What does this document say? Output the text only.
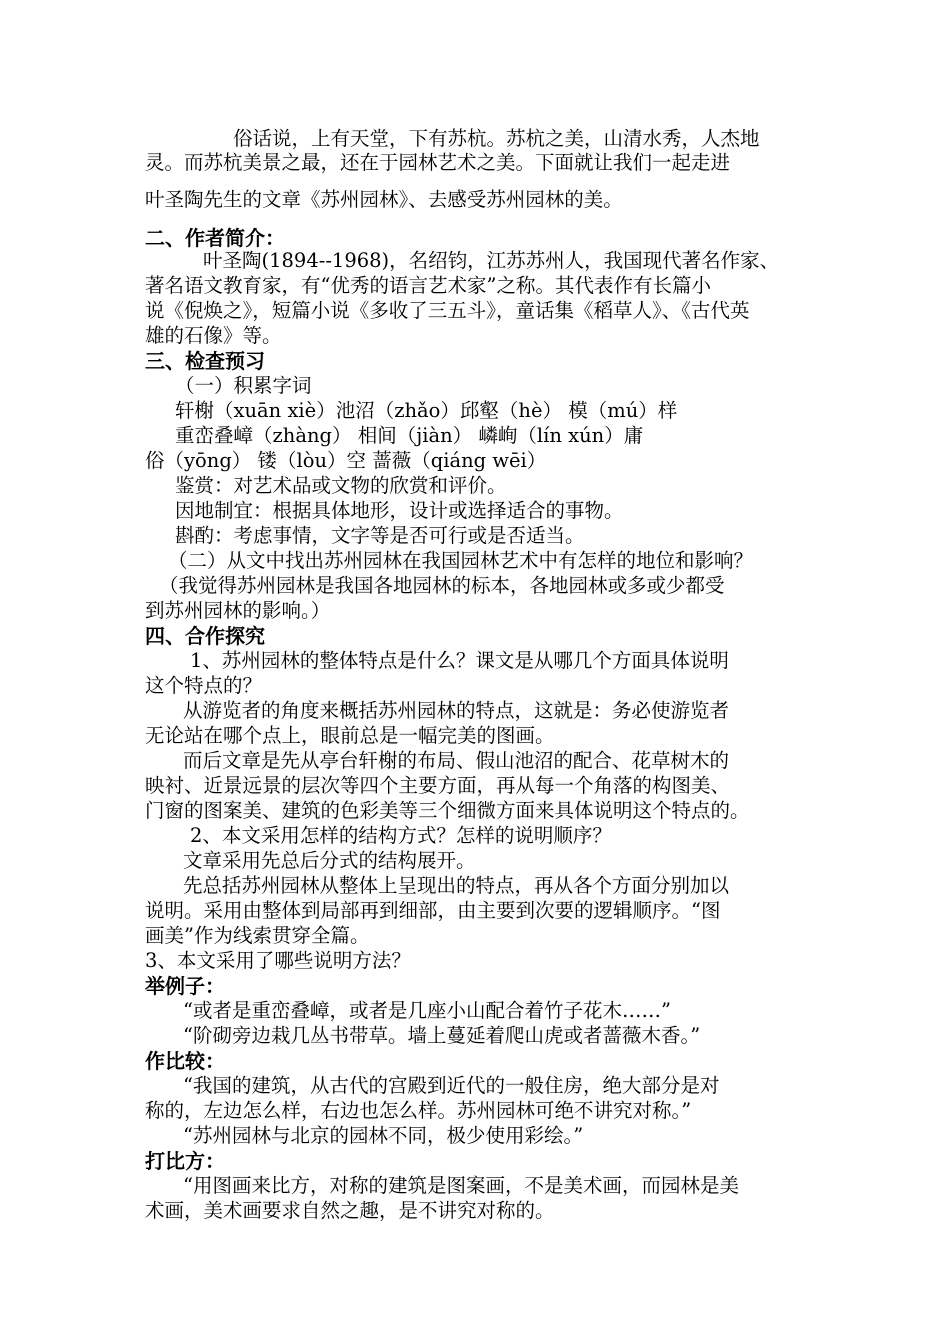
俗话说，上有天堂，下有苏杭。苏杭之美，山清水秀，人杰地
灵。而苏杭美景之最，还在于园林艺术之美。下面就让我们一起走进
叶圣陶先生的文章《苏州园林》、去感受苏州园林的美。
二、作者简介：
叶圣陶(1894--1968)，名绍钧，江苏苏州人，我国现代著名作家、
著名语文教育家，有“优秀的语言艺术家”之称。其代表作有长篇小
说《倪焕之》，短篇小说《多收了三五斗》，童话集《稻草人》、《古代英
雄的石像》等。
三、检查预习
（一）积累字词
轩榭（xuān xiè）池沼（zhǎo）邱壑（hè） 模（mú）样
重峦叠嶂（zhàng） 相间（jiàn） 嶙峋（lín xún）庸
俗（yōng） 镂（lòu）空 蔷薇（qiáng wēi）
鉴赏：对艺术品或文物的欣赏和评价。
因地制宜：根据具体地形，设计或选择适合的事物。
斟酌：考虑事情，文字等是否可行或是否适当。
（二）从文中找出苏州园林在我国园林艺术中有怎样的地位和影响？
（我觉得苏州园林是我国各地园林的标本，各地园林或多或少都受
到苏州园林的影响。）
四、合作探究
1、苏州园林的整体特点是什么？课文是从哪几个方面具体说明
这个特点的？
从游览者的角度来概括苏州园林的特点，这就是：务必使游览者
无论站在哪个点上，眼前总是一幅完美的图画。
而后文章是先从亭台轩榭的布局、假山池沼的配合、花草树木的
映衬、近景远景的层次等四个主要方面，再从每一个角落的构图美、
门窗的图案美、建筑的色彩美等三个细微方面来具体说明这个特点的。
2、本文采用怎样的结构方式？怎样的说明顺序？
文章采用先总后分式的结构展开。
先总括苏州园林从整体上呈现出的特点，再从各个方面分别加以
说明。采用由整体到局部再到细部，由主要到次要的逻辑顺序。“图
画美”作为线索贯穿全篇。
3、本文采用了哪些说明方法？
举例子：
“或者是重峦叠嶂，或者是几座小山配合着竹子花木……”
“阶砌旁边栽几丛书带草。墙上蔓延着爬山虎或者蔷薇木香。”
作比较：
“我国的建筑，从古代的宫殿到近代的一般住房，绝大部分是对
称的，左边怎么样，右边也怎么样。苏州园林可绝不讲究对称。”
“苏州园林与北京的园林不同，极少使用彩绘。”
打比方：
“用图画来比方，对称的建筑是图案画，不是美术画，而园林是美
术画，美术画要求自然之趣，是不讲究对称的。
